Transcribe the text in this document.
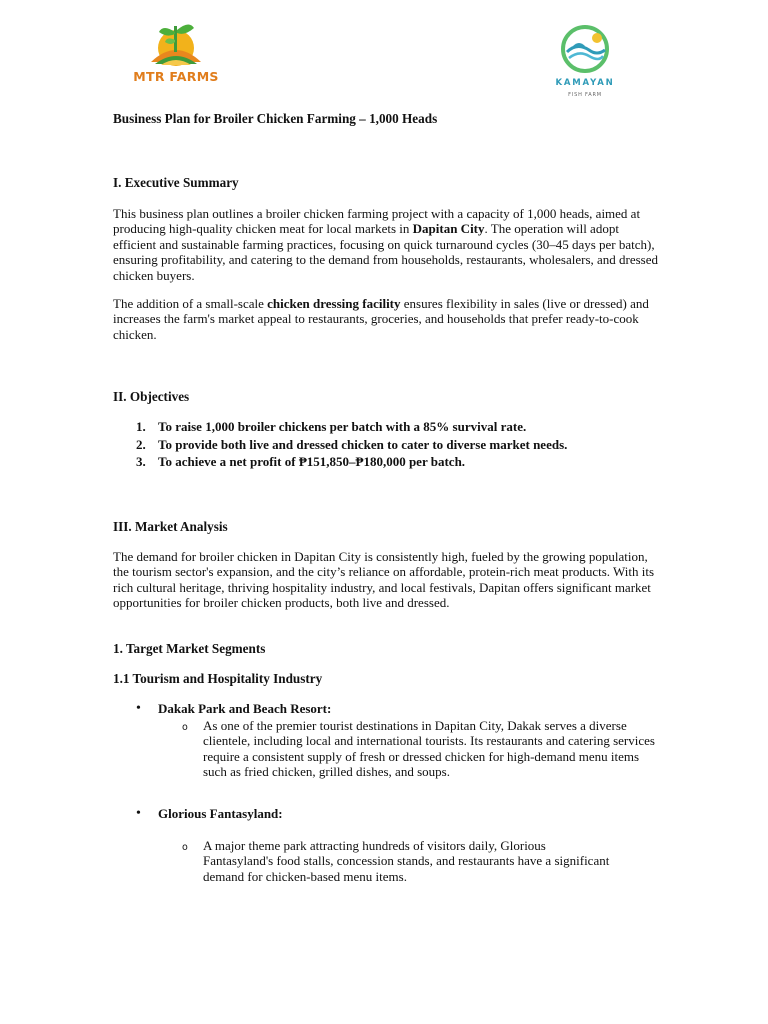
MTR FARMS	KAMAYAN
FISH FARM
Business Plan for Broiler Chicken Farming – 1,000 Heads
I. Executive Summary
This business plan outlines a broiler chicken farming project with a capacity of 1,000 heads, aimed at producing high-quality chicken meat for local markets in Dapitan City. The operation will adopt efficient and sustainable farming practices, focusing on quick turnaround cycles (30–45 days per batch), ensuring profitability, and catering to the demand from households, restaurants, wholesalers, and dressed chicken buyers.
The addition of a small-scale chicken dressing facility ensures flexibility in sales (live or dressed) and increases the farm's market appeal to restaurants, groceries, and households that prefer ready-to-cook chicken.
II. Objectives
1. To raise 1,000 broiler chickens per batch with a 85% survival rate.
2. To provide both live and dressed chicken to cater to diverse market needs.
3. To achieve a net profit of ₱151,850–₱180,000 per batch.
III. Market Analysis
The demand for broiler chicken in Dapitan City is consistently high, fueled by the growing population, the tourism sector's expansion, and the city’s reliance on affordable, protein-rich meat products. With its rich cultural heritage, thriving hospitality industry, and local festivals, Dapitan offers significant market opportunities for broiler chicken products, both live and dressed.
1. Target Market Segments
1.1 Tourism and Hospitality Industry
• Dakak Park and Beach Resort:
o As one of the premier tourist destinations in Dapitan City, Dakak serves a diverse clientele, including local and international tourists. Its restaurants and catering services require a consistent supply of fresh or dressed chicken for high-demand menu items such as fried chicken, grilled dishes, and soups.
• Glorious Fantasyland:
o A major theme park attracting hundreds of visitors daily, Glorious Fantasyland's food stalls, concession stands, and restaurants have a significant demand for chicken-based menu items.
